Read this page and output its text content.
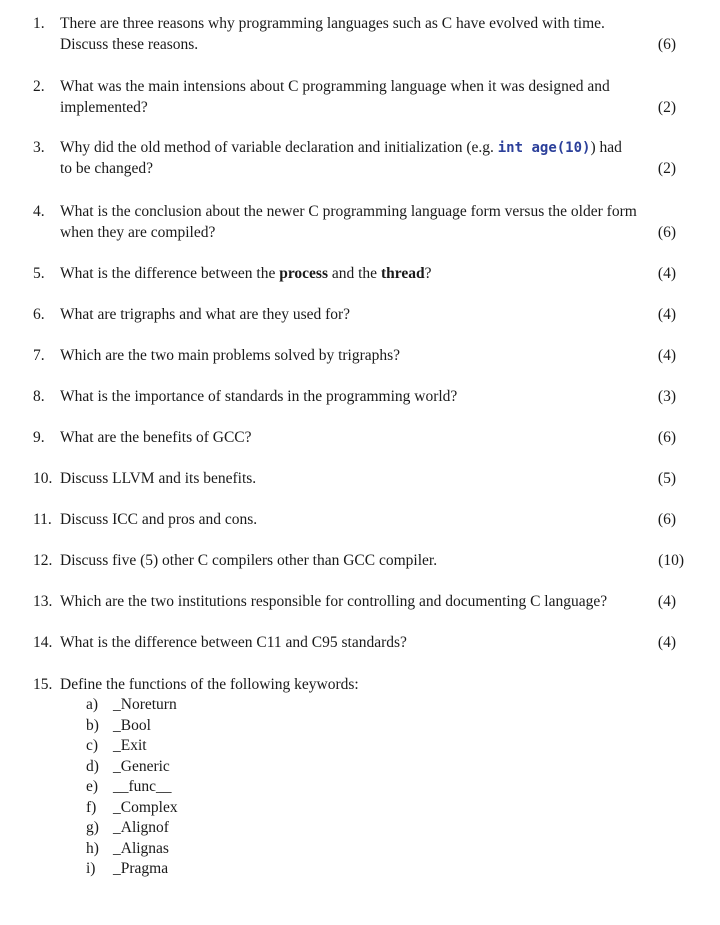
1. There are three reasons why programming languages such as C have evolved with time.
Discuss these reasons.	(6)
2. What was the main intensions about C programming language when it was designed and
implemented?	(2)
3. Why did the old method of variable declaration and initialization (e.g. int age(10)) had
to be changed?	(2)
4. What is the conclusion about the newer C programming language form versus the older form
when they are compiled?	(6)
5. What is the difference between the process and the thread?	(4)
6. What are trigraphs and what are they used for?	(4)
7. Which are the two main problems solved by trigraphs?	(4)
8. What is the importance of standards in the programming world?	(3)
9. What are the benefits of GCC?	(6)
10. Discuss LLVM and its benefits.	(5)
11. Discuss ICC and pros and cons.	(6)
12. Discuss five (5) other C compilers other than GCC compiler.	(10)
13. Which are the two institutions responsible for controlling and documenting C language?	(4)
14. What is the difference between C11 and C95 standards?	(4)
15. Define the functions of the following keywords:
a) _Noreturn
b) _Bool
c) _Exit
d) _Generic
e) __func__
f) _Complex
g) _Alignof
h) _Alignas
i) _Pragma
